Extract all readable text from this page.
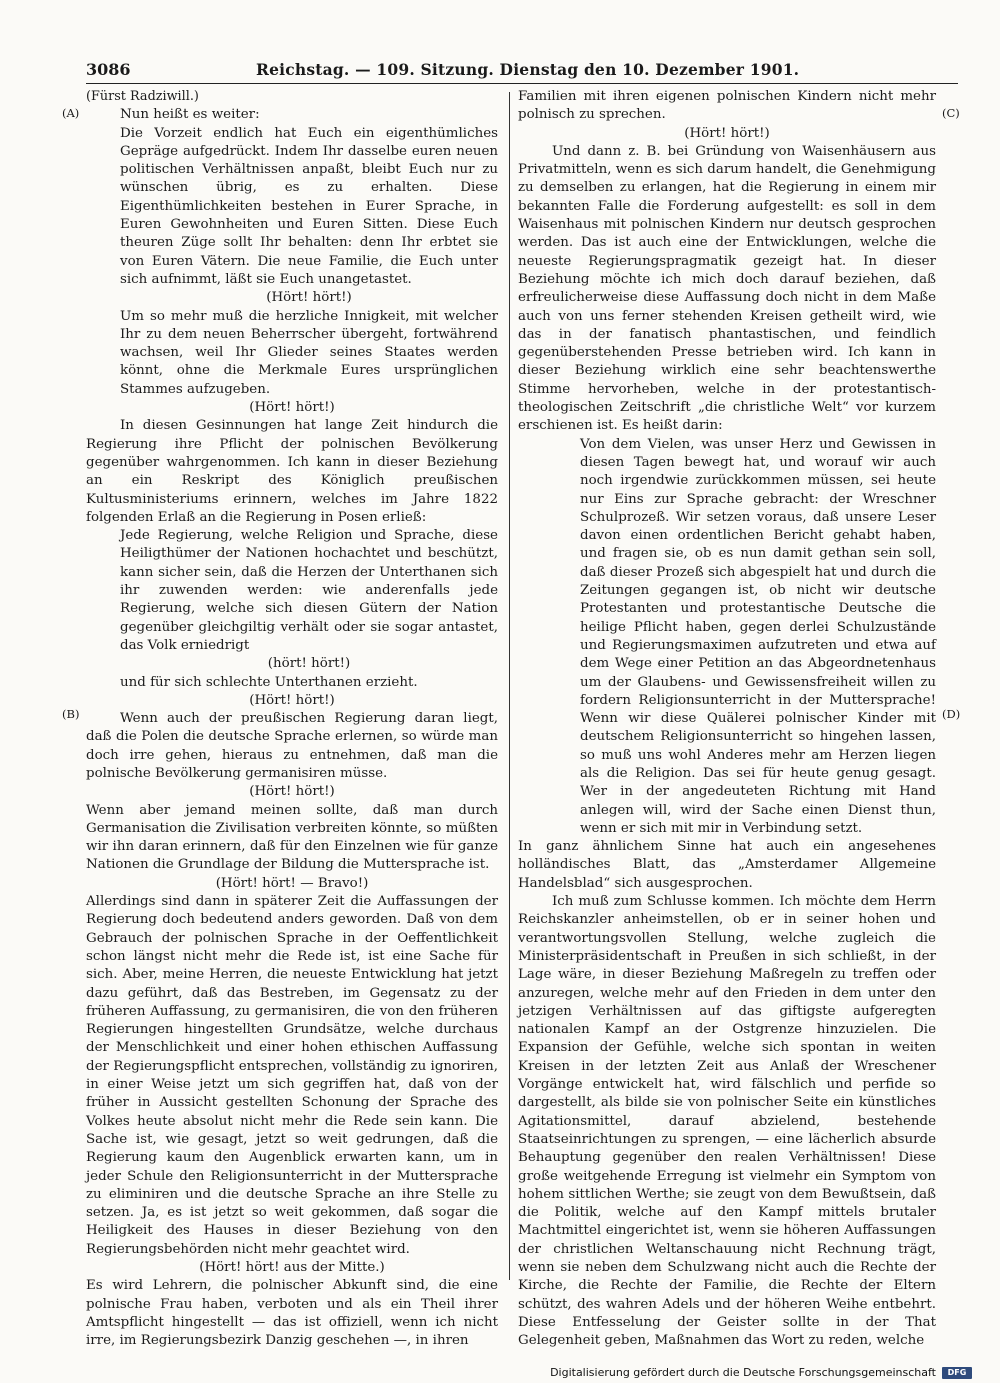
3086	Reichstag. — 109. Sitzung. Dienstag den 10. Dezember 1901.
(A)
(B)
(C)
(D)

(Fürst Radziwill.)

Nun heißt es weiter:

Die Vorzeit endlich hat Euch ein eigenthümliches Gepräge aufgedrückt. Indem Ihr dasselbe euren neuen politischen Verhältnissen anpaßt, bleibt Euch nur zu wünschen übrig, es zu erhalten. Diese Eigenthümlichkeiten bestehen in Eurer Sprache, in Euren Gewohnheiten und Euren Sitten. Diese Euch theuren Züge sollt Ihr behalten: denn Ihr erbtet sie von Euren Vätern. Die neue Familie, die Euch unter sich aufnimmt, läßt sie Euch unangetastet.

(Hört! hört!)

Um so mehr muß die herzliche Innigkeit, mit welcher Ihr zu dem neuen Beherrscher übergeht, fortwährend wachsen, weil Ihr Glieder seines Staates werden könnt, ohne die Merkmale Eures ursprünglichen Stammes aufzugeben.

(Hört! hört!)

In diesen Gesinnungen hat lange Zeit hindurch die Regierung ihre Pflicht der polnischen Bevölkerung gegenüber wahrgenommen. Ich kann in dieser Beziehung an ein Reskript des Königlich preußischen Kultusministeriums erinnern, welches im Jahre 1822 folgenden Erlaß an die Regierung in Posen erließ:

Jede Regierung, welche Religion und Sprache, diese Heiligthümer der Nationen hochachtet und beschützt, kann sicher sein, daß die Herzen der Unterthanen sich ihr zuwenden werden: wie anderenfalls jede Regierung, welche sich diesen Gütern der Nation gegenüber gleichgiltig verhält oder sie sogar antastet, das Volk erniedrigt

(hört! hört!)

und für sich schlechte Unterthanen erzieht.

(Hört! hört!)

Wenn auch der preußischen Regierung daran liegt, daß die Polen die deutsche Sprache erlernen, so würde man doch irre gehen, hieraus zu entnehmen, daß man die polnische Bevölkerung germanisiren müsse.

(Hört! hört!)

Wenn aber jemand meinen sollte, daß man durch Germanisation die Zivilisation verbreiten könnte, so müßten wir ihn daran erinnern, daß für den Einzelnen wie für ganze Nationen die Grundlage der Bildung die Muttersprache ist.

(Hört! hört! — Bravo!)

Allerdings sind dann in späterer Zeit die Auffassungen der Regierung doch bedeutend anders geworden. Daß von dem Gebrauch der polnischen Sprache in der Oeffentlichkeit schon längst nicht mehr die Rede ist, ist eine Sache für sich. Aber, meine Herren, die neueste Entwicklung hat jetzt dazu geführt, daß das Bestreben, im Gegensatz zu der früheren Auffassung, zu germanisiren, die von den früheren Regierungen hingestellten Grundsätze, welche durchaus der Menschlichkeit und einer hohen ethischen Auffassung der Regierungspflicht entsprechen, vollständig zu ignoriren, in einer Weise jetzt um sich gegriffen hat, daß von der früher in Aussicht gestellten Schonung der Sprache des Volkes heute absolut nicht mehr die Rede sein kann. Die Sache ist, wie gesagt, jetzt so weit gedrungen, daß die Regierung kaum den Augenblick erwarten kann, um in jeder Schule den Religionsunterricht in der Muttersprache zu eliminiren und die deutsche Sprache an ihre Stelle zu setzen. Ja, es ist jetzt so weit gekommen, daß sogar die Heiligkeit des Hauses in dieser Beziehung von den Regierungsbehörden nicht mehr geachtet wird.

(Hört! hört! aus der Mitte.)

Es wird Lehrern, die polnischer Abkunft sind, die eine polnische Frau haben, verboten und als ein Theil ihrer Amtspflicht hingestellt — das ist offiziell, wenn ich nicht irre, im Regierungsbezirk Danzig geschehen —, in ihren

Familien mit ihren eigenen polnischen Kindern nicht mehr polnisch zu sprechen.

(Hört! hört!)

Und dann z. B. bei Gründung von Waisenhäusern aus Privatmitteln, wenn es sich darum handelt, die Genehmigung zu demselben zu erlangen, hat die Regierung in einem mir bekannten Falle die Forderung aufgestellt: es soll in dem Waisenhaus mit polnischen Kindern nur deutsch gesprochen werden. Das ist auch eine der Entwicklungen, welche die neueste Regierungspragmatik gezeigt hat. In dieser Beziehung möchte ich mich doch darauf beziehen, daß erfreulicherweise diese Auffassung doch nicht in dem Maße auch von uns ferner stehenden Kreisen getheilt wird, wie das in der fanatisch phantastischen, und feindlich gegenüberstehenden Presse betrieben wird. Ich kann in dieser Beziehung wirklich eine sehr beachtenswerthe Stimme hervorheben, welche in der protestantisch-theologischen Zeitschrift „die christliche Welt“ vor kurzem erschienen ist. Es heißt darin:

Von dem Vielen, was unser Herz und Gewissen in diesen Tagen bewegt hat, und worauf wir auch noch irgendwie zurückkommen müssen, sei heute nur Eins zur Sprache gebracht: der Wreschner Schulprozeß. Wir setzen voraus, daß unsere Leser davon einen ordentlichen Bericht gehabt haben, und fragen sie, ob es nun damit gethan sein soll, daß dieser Prozeß sich abgespielt hat und durch die Zeitungen gegangen ist, ob nicht wir deutsche Protestanten und protestantische Deutsche die heilige Pflicht haben, gegen derlei Schulzustände und Regierungsmaximen aufzutreten und etwa auf dem Wege einer Petition an das Abgeordnetenhaus um der Glaubens- und Gewissensfreiheit willen zu fordern Religionsunterricht in der Muttersprache! Wenn wir diese Quälerei polnischer Kinder mit deutschem Religionsunterricht so hingehen lassen, so muß uns wohl Anderes mehr am Herzen liegen als die Religion. Das sei für heute genug gesagt. Wer in der angedeuteten Richtung mit Hand anlegen will, wird der Sache einen Dienst thun, wenn er sich mit mir in Verbindung setzt.

In ganz ähnlichem Sinne hat auch ein angesehenes holländisches Blatt, das „Amsterdamer Allgemeine Handelsblad“ sich ausgesprochen.

Ich muß zum Schlusse kommen. Ich möchte dem Herrn Reichskanzler anheimstellen, ob er in seiner hohen und verantwortungsvollen Stellung, welche zugleich die Ministerpräsidentschaft in Preußen in sich schließt, in der Lage wäre, in dieser Beziehung Maßregeln zu treffen oder anzuregen, welche mehr auf den Frieden in dem unter den jetzigen Verhältnissen auf das giftigste aufgeregten nationalen Kampf an der Ostgrenze hinzuzielen. Die Expansion der Gefühle, welche sich spontan in weiten Kreisen in der letzten Zeit aus Anlaß der Wreschener Vorgänge entwickelt hat, wird fälschlich und perfide so dargestellt, als bilde sie von polnischer Seite ein künstliches Agitationsmittel, darauf abzielend, bestehende Staatseinrichtungen zu sprengen, — eine lächerlich absurde Behauptung gegenüber den realen Verhältnissen! Diese große weitgehende Erregung ist vielmehr ein Symptom von hohem sittlichen Werthe; sie zeugt von dem Bewußtsein, daß die Politik, welche auf den Kampf mittels brutaler Machtmittel eingerichtet ist, wenn sie höheren Auffassungen der christlichen Weltanschauung nicht Rechnung trägt, wenn sie neben dem Schulzwang nicht auch die Rechte der Kirche, die Rechte der Familie, die Rechte der Eltern schützt, des wahren Adels und der höheren Weihe entbehrt. Diese Entfesselung der Geister sollte in der That Gelegenheit geben, Maßnahmen das Wort zu reden, welche

Digitalisierung gefördert durch die Deutsche Forschungsgemeinschaft	DFG
